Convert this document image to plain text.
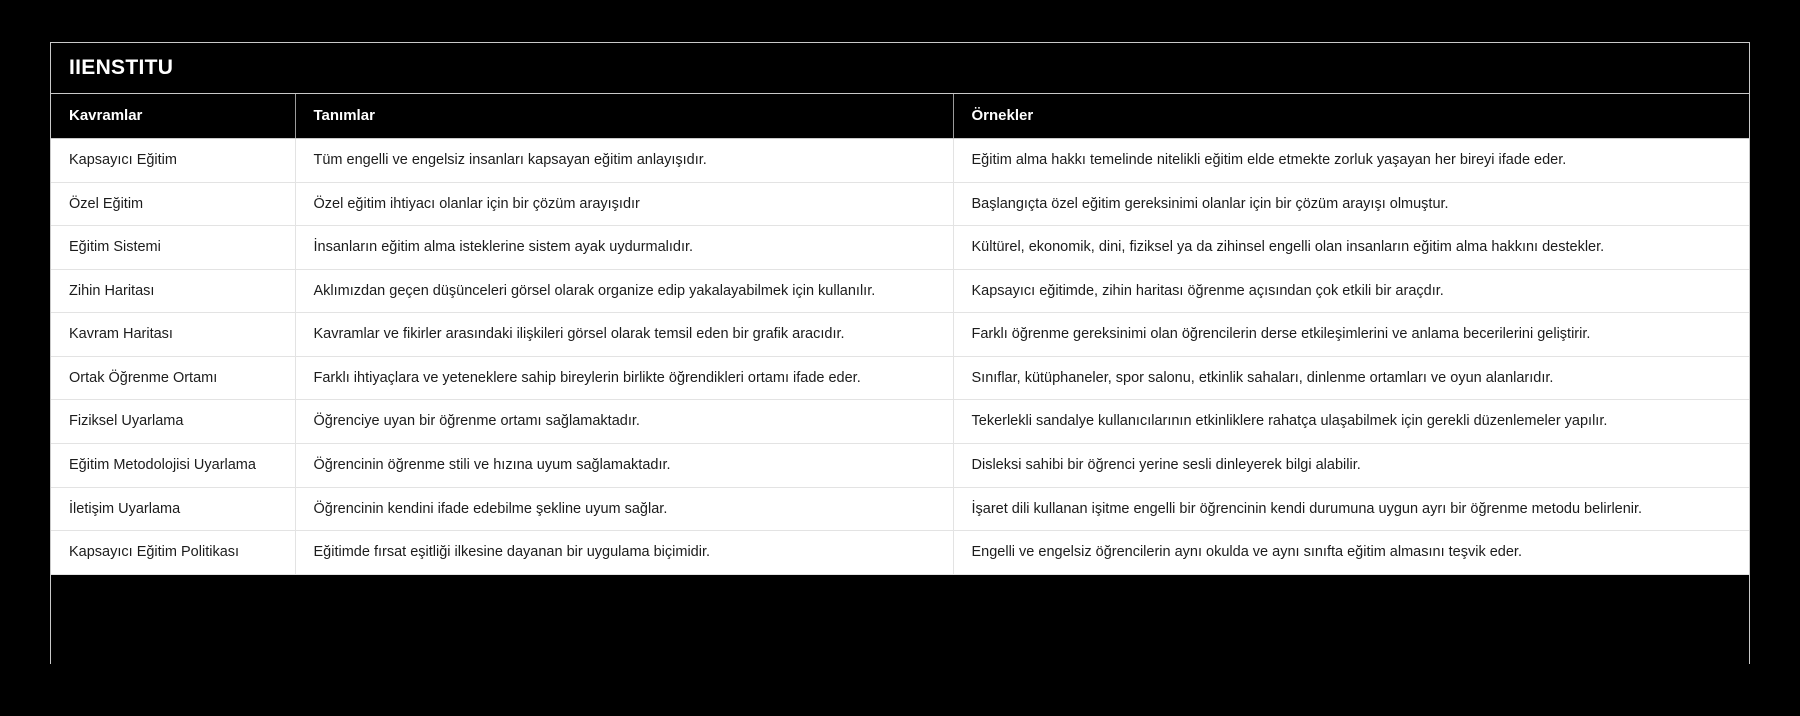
IIENSTITU
Kavramlar	Tanımlar	Örnekler
Kapsayıcı Eğitim	Tüm engelli ve engelsiz insanları kapsayan eğitim anlayışıdır.	Eğitim alma hakkı temelinde nitelikli eğitim elde etmekte zorluk yaşayan her bireyi ifade eder.
Özel Eğitim	Özel eğitim ihtiyacı olanlar için bir çözüm arayışıdır	Başlangıçta özel eğitim gereksinimi olanlar için bir çözüm arayışı olmuştur.
Eğitim Sistemi	İnsanların eğitim alma isteklerine sistem ayak uydurmalıdır.	Kültürel, ekonomik, dini, fiziksel ya da zihinsel engelli olan insanların eğitim alma hakkını destekler.
Zihin Haritası	Aklımızdan geçen düşünceleri görsel olarak organize edip yakalayabilmek için kullanılır.	Kapsayıcı eğitimde, zihin haritası öğrenme açısından çok etkili bir araçdır.
Kavram Haritası	Kavramlar ve fikirler arasındaki ilişkileri görsel olarak temsil eden bir grafik aracıdır.	Farklı öğrenme gereksinimi olan öğrencilerin derse etkileşimlerini ve anlama becerilerini geliştirir.
Ortak Öğrenme Ortamı	Farklı ihtiyaçlara ve yeteneklere sahip bireylerin birlikte öğrendikleri ortamı ifade eder.	Sınıflar, kütüphaneler, spor salonu, etkinlik sahaları, dinlenme ortamları ve oyun alanlarıdır.
Fiziksel Uyarlama	Öğrenciye uyan bir öğrenme ortamı sağlamaktadır.	Tekerlekli sandalye kullanıcılarının etkinliklere rahatça ulaşabilmek için gerekli düzenlemeler yapılır.
Eğitim Metodolojisi Uyarlama	Öğrencinin öğrenme stili ve hızına uyum sağlamaktadır.	Disleksi sahibi bir öğrenci yerine sesli dinleyerek bilgi alabilir.
İletişim Uyarlama	Öğrencinin kendini ifade edebilme şekline uyum sağlar.	İşaret dili kullanan işitme engelli bir öğrencinin kendi durumuna uygun ayrı bir öğrenme metodu belirlenir.
Kapsayıcı Eğitim Politikası	Eğitimde fırsat eşitliği ilkesine dayanan bir uygulama biçimidir.	Engelli ve engelsiz öğrencilerin aynı okulda ve aynı sınıfta eğitim almasını teşvik eder.
